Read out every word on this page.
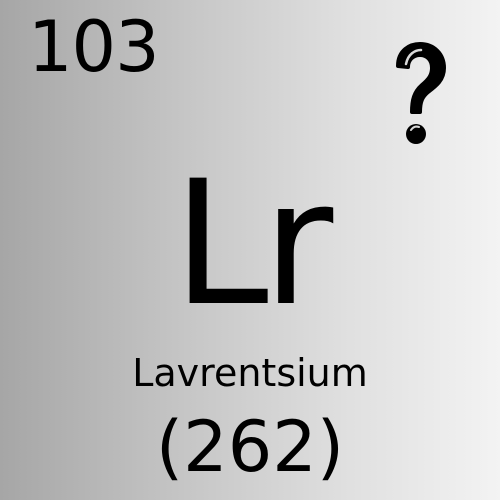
103
Lr
Lavrentsium
(262)
